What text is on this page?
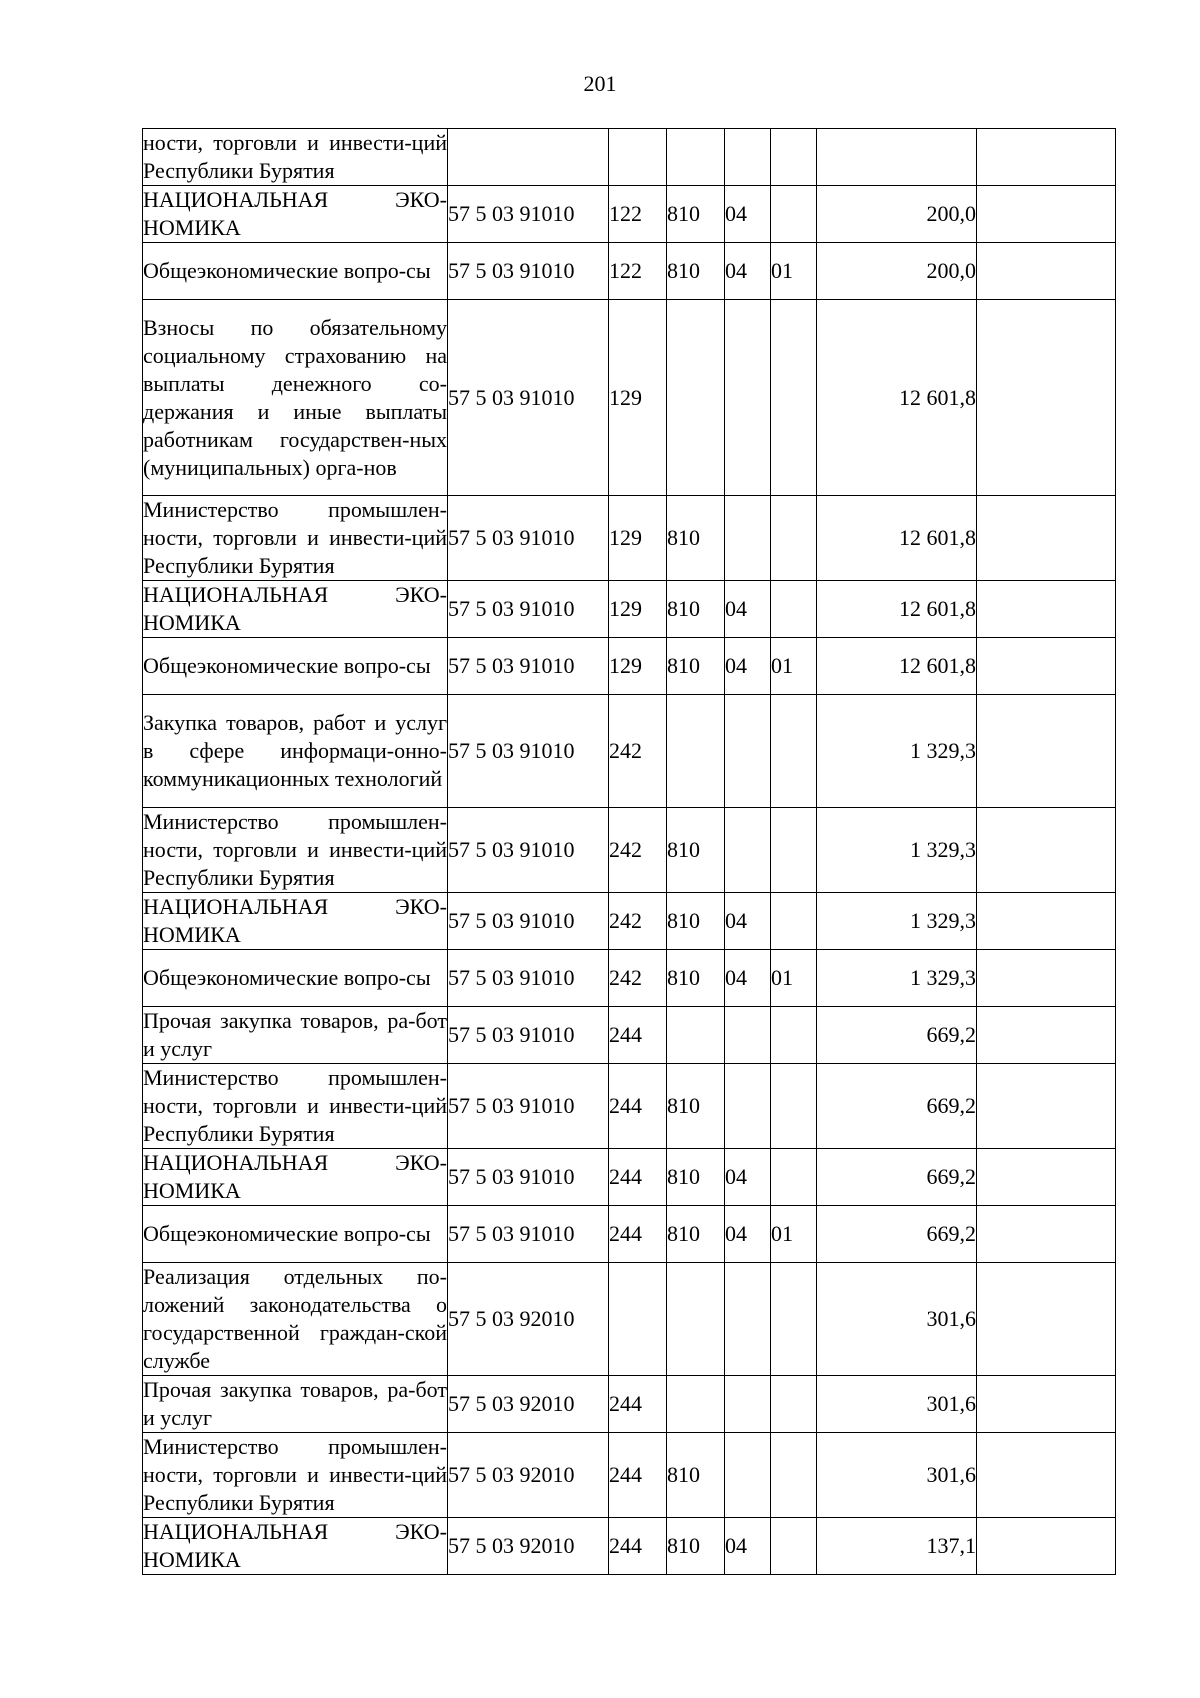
201
ности, торговли и инвести-ций Республики Бурятия							
НАЦИОНАЛЬНАЯ ЭКО-НОМИКА	57 5 03 91010	122	810	04		200,0	
Общеэкономические вопро-сы	57 5 03 91010	122	810	04	01	200,0	
Взносы по обязательному социальному страхованию на выплаты денежного со-держания и иные выплаты работникам государствен-ных (муниципальных) орга-нов	57 5 03 91010	129				12 601,8	
Министерство промышлен-ности, торговли и инвести-ций Республики Бурятия	57 5 03 91010	129	810			12 601,8	
НАЦИОНАЛЬНАЯ ЭКО-НОМИКА	57 5 03 91010	129	810	04		12 601,8	
Общеэкономические вопро-сы	57 5 03 91010	129	810	04	01	12 601,8	
Закупка товаров, работ и услуг в сфере информаци-онно-коммуникационных технологий	57 5 03 91010	242				1 329,3	
Министерство промышлен-ности, торговли и инвести-ций Республики Бурятия	57 5 03 91010	242	810			1 329,3	
НАЦИОНАЛЬНАЯ ЭКО-НОМИКА	57 5 03 91010	242	810	04		1 329,3	
Общеэкономические вопро-сы	57 5 03 91010	242	810	04	01	1 329,3	
Прочая закупка товаров, ра-бот и услуг	57 5 03 91010	244				669,2	
Министерство промышлен-ности, торговли и инвести-ций Республики Бурятия	57 5 03 91010	244	810			669,2	
НАЦИОНАЛЬНАЯ ЭКО-НОМИКА	57 5 03 91010	244	810	04		669,2	
Общеэкономические вопро-сы	57 5 03 91010	244	810	04	01	669,2	
Реализация отдельных по-ложений законодательства о государственной граждан-ской службе	57 5 03 92010					301,6	
Прочая закупка товаров, ра-бот и услуг	57 5 03 92010	244				301,6	
Министерство промышлен-ности, торговли и инвести-ций Республики Бурятия	57 5 03 92010	244	810			301,6	
НАЦИОНАЛЬНАЯ ЭКО-НОМИКА	57 5 03 92010	244	810	04		137,1	
